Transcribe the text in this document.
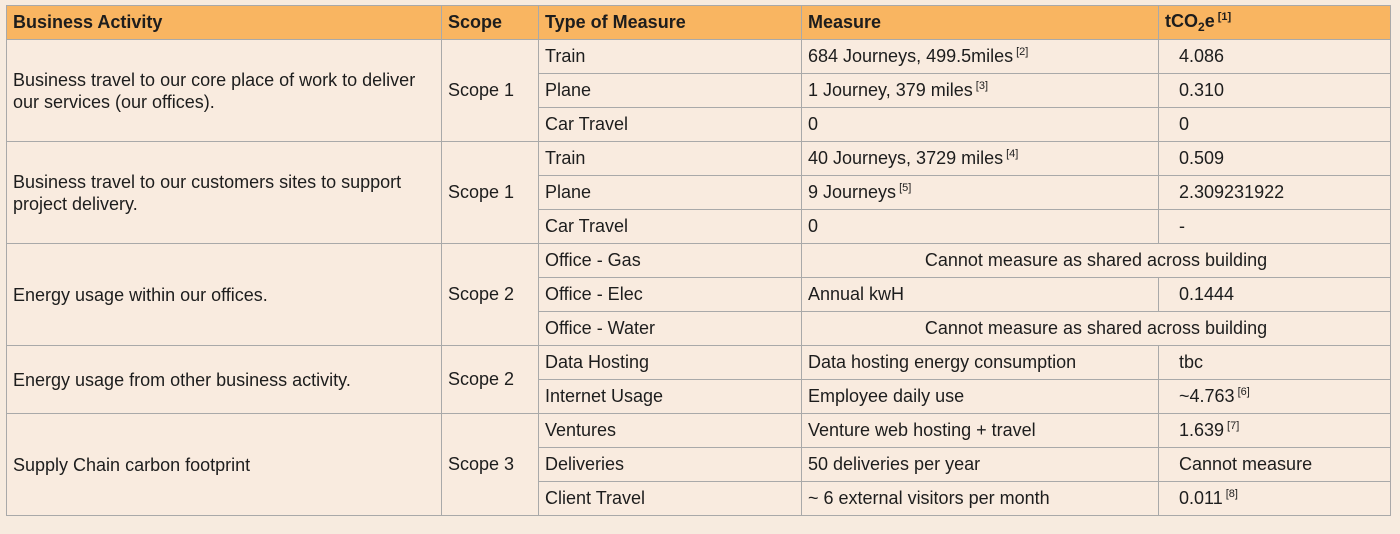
Business Activity	Scope	Type of Measure	Measure	tCO$_2$e [1]
Business travel to our core place of work to deliver our services (our offices).	Scope 1	Train	684 Journeys, 499.5miles [2]	4.086
		Plane	1 Journey, 379 miles [3]	0.310
		Car Travel	0	0
Business travel to our customers sites to support project delivery.	Scope 1	Train	40 Journeys, 3729 miles [4]	0.509
		Plane	9 Journeys [5]	2.309231922
		Car Travel	0	-
Energy usage within our offices.	Scope 2	Office - Gas	Cannot measure as shared across building	
		Office - Elec	Annual kwH	0.1444
		Office - Water	Cannot measure as shared across building	
Energy usage from other business activity.	Scope 2	Data Hosting	Data hosting energy consumption	tbc
		Internet Usage	Employee daily use	~4.763 [6]
Supply Chain carbon footprint	Scope 3	Ventures	Venture web hosting + travel	1.639 [7]
		Deliveries	50 deliveries per year	Cannot measure
		Client Travel	~ 6 external visitors per month	0.011 [8]
